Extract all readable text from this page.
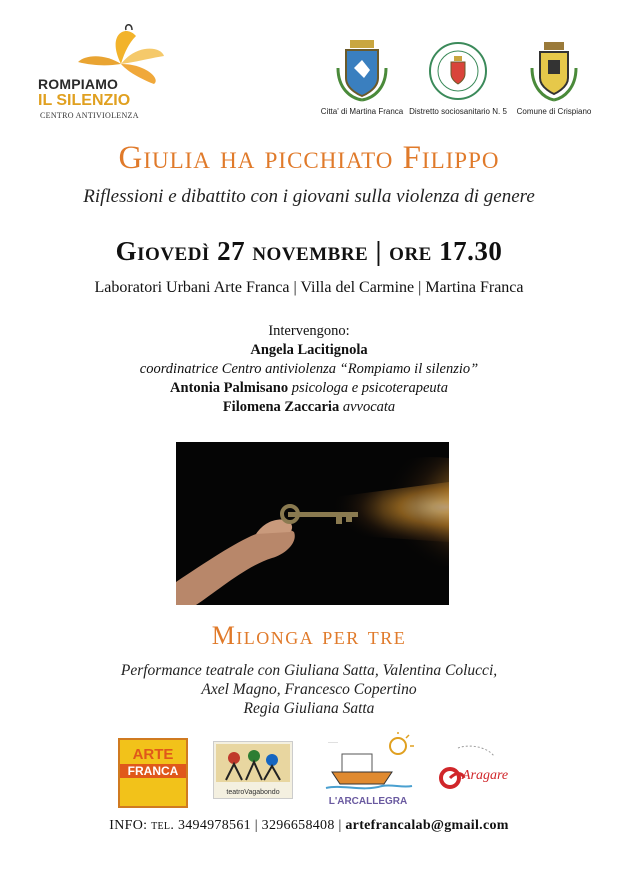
ROMPIAMO
IL SILENZIO
CENTRO ANTIVIOLENZA	Citta' di Martina Franca Distretto sociosanitario N. 5	Comune di Crispiano
Giulia ha picchiato Filippo
Riflessioni e dibattito con i giovani sulla violenza di genere
Giovedì 27 novembre | ore 17.30
Laboratori Urbani Arte Franca | Villa del Carmine | Martina Franca
Intervengono:
Angela Lacitignola
coordinatrice Centro antiviolenza “Rompiamo il silenzio”
Antonia Palmisano psicologa e psicoterapeuta
Filomena Zaccaria avvocata
Milonga per tre
Performance teatrale con Giuliana Satta, Valentina Colucci,
Axel Magno, Francesco Copertino
Regia Giuliana Satta
ARTE
FRANCA
teatroVagabondo
·····
L'ARCALLEGRA
Aragare
INFO: tel. 3494978561 | 3296658408 | artefrancalab@gmail.com
